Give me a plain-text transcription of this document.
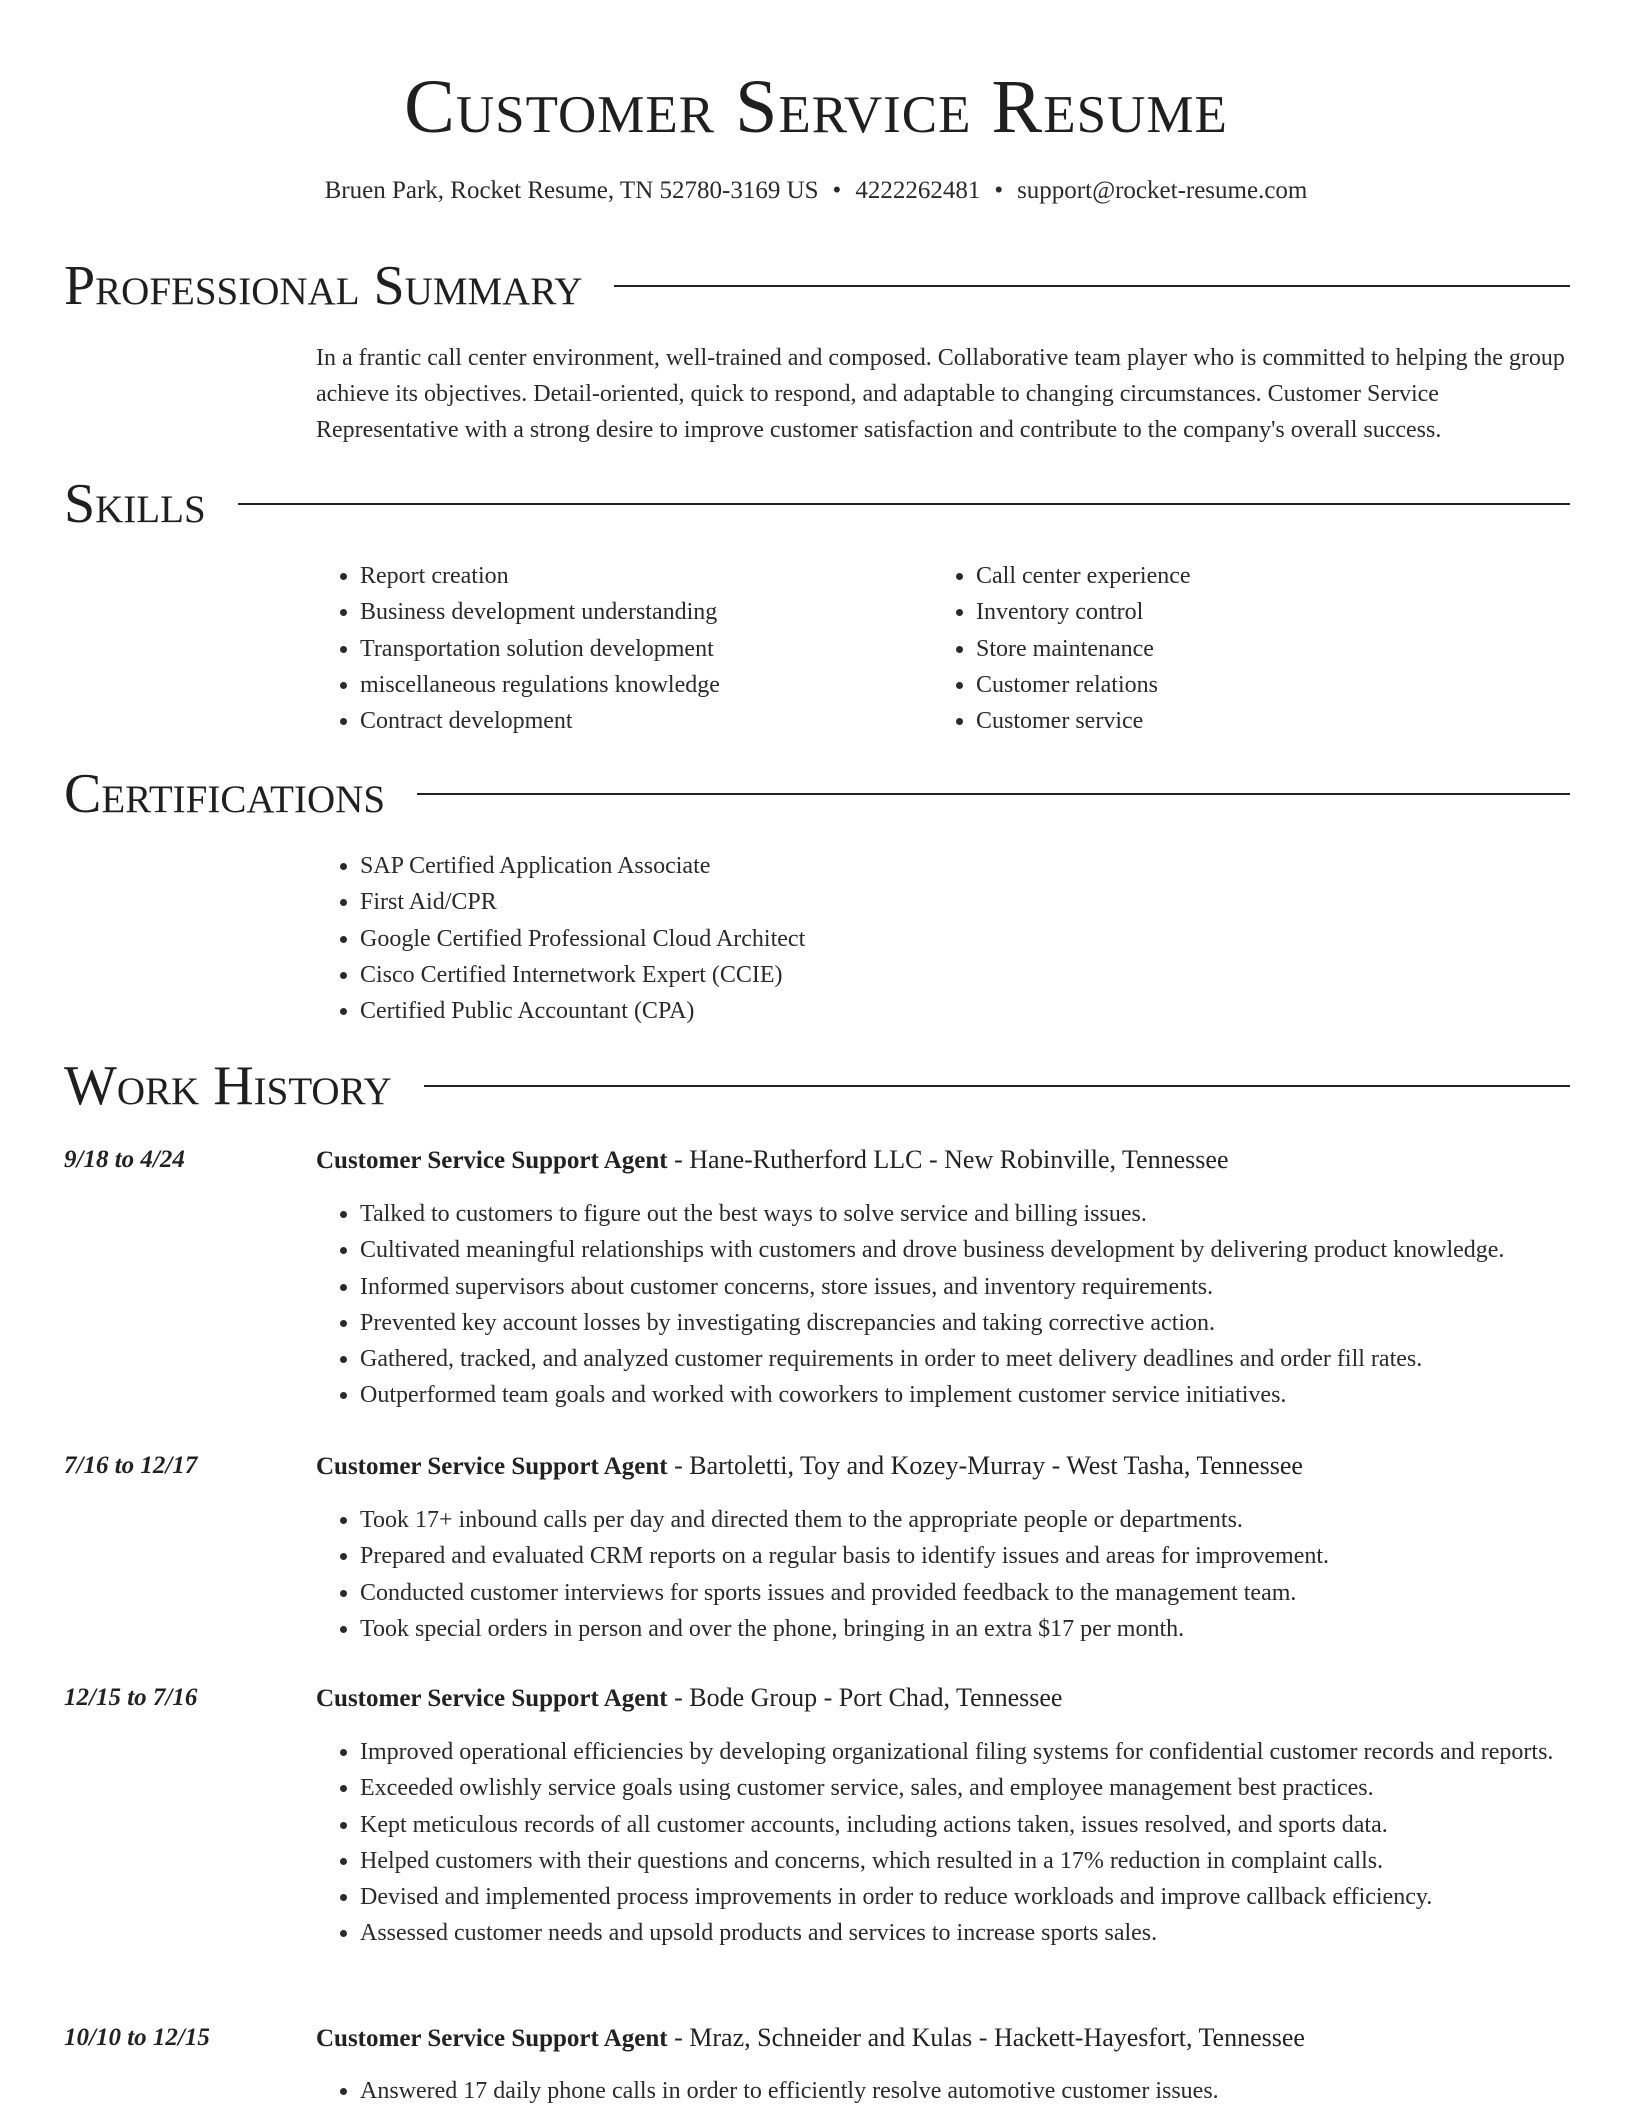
Customer Service Resume
Bruen Park, Rocket Resume, TN 52780-3169 US • 4222262481 • support@rocket-resume.com
Professional Summary

In a frantic call center environment, well-trained and composed. Collaborative team player who is committed to helping the group achieve its objectives. Detail-oriented, quick to respond, and adaptable to changing circumstances. Customer Service Representative with a strong desire to improve customer satisfaction and contribute to the company's overall success.

Skills
• Report creation
• Business development understanding
• Transportation solution development
• miscellaneous regulations knowledge
• Contract development
• Call center experience
• Inventory control
• Store maintenance
• Customer relations
• Customer service
Certifications
• SAP Certified Application Associate
• First Aid/CPR
• Google Certified Professional Cloud Architect
• Cisco Certified Internetwork Expert (CCIE)
• Certified Public Accountant (CPA)
Work History
9/18 to 4/24	Customer Service Support Agent - Hane-Rutherford LLC - New Robinville, Tennessee
• Talked to customers to figure out the best ways to solve service and billing issues.
• Cultivated meaningful relationships with customers and drove business development by delivering product knowledge.
• Informed supervisors about customer concerns, store issues, and inventory requirements.
• Prevented key account losses by investigating discrepancies and taking corrective action.
• Gathered, tracked, and analyzed customer requirements in order to meet delivery deadlines and order fill rates.
• Outperformed team goals and worked with coworkers to implement customer service initiatives.
7/16 to 12/17	Customer Service Support Agent - Bartoletti, Toy and Kozey-Murray - West Tasha, Tennessee
• Took 17+ inbound calls per day and directed them to the appropriate people or departments.
• Prepared and evaluated CRM reports on a regular basis to identify issues and areas for improvement.
• Conducted customer interviews for sports issues and provided feedback to the management team.
• Took special orders in person and over the phone, bringing in an extra $17 per month.
12/15 to 7/16	Customer Service Support Agent - Bode Group - Port Chad, Tennessee
• Improved operational efficiencies by developing organizational filing systems for confidential customer records and reports.
• Exceeded owlishly service goals using customer service, sales, and employee management best practices.
• Kept meticulous records of all customer accounts, including actions taken, issues resolved, and sports data.
• Helped customers with their questions and concerns, which resulted in a 17% reduction in complaint calls.
• Devised and implemented process improvements in order to reduce workloads and improve callback efficiency.
• Assessed customer needs and upsold products and services to increase sports sales.
10/10 to 12/15	Customer Service Support Agent - Mraz, Schneider and Kulas - Hackett-Hayesfort, Tennessee
• Answered 17 daily phone calls in order to efficiently resolve automotive customer issues.
